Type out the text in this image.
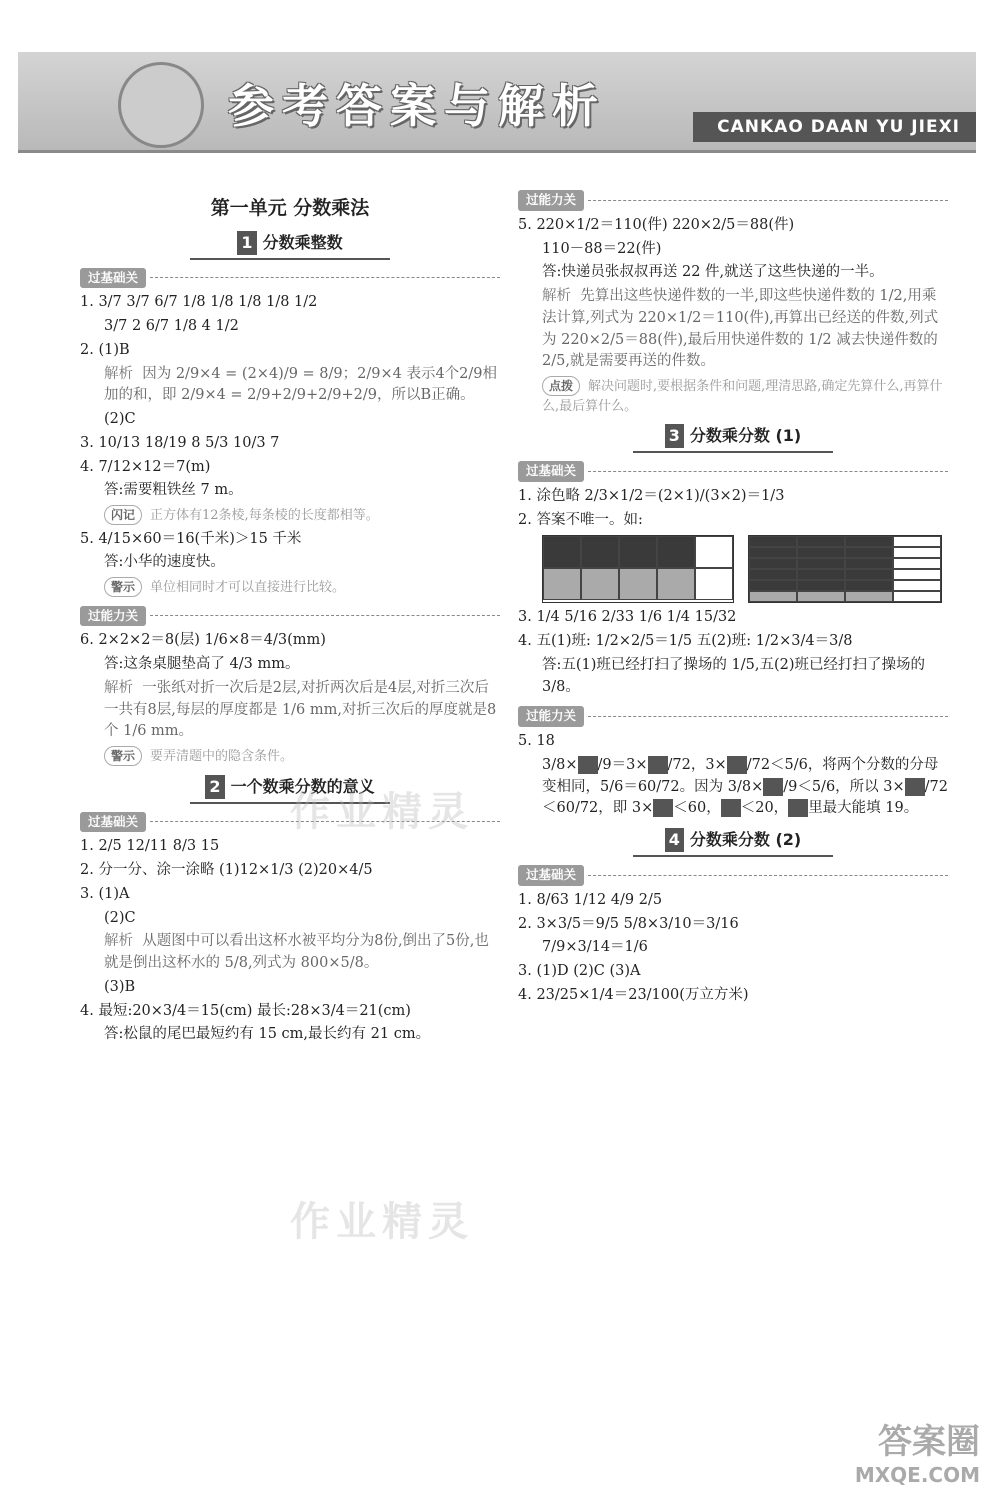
参考答案与解析	CANKAO DAAN YU JIEXI
第一单元 分数乘法
1 分数乘整数
过基础关
1. 3/7 3/7 6/7 1/8 1/8 1/8 1/8 1/2
3/7 2 6/7 1/8 4 1/2
2. (1)B
解析 因为 2/9×4 = (2×4)/9 = 8/9；2/9×4 表示4个2/9相加的和，即 2/9×4 = 2/9+2/9+2/9+2/9，所以B正确。
(2)C
3. 10/13 18/19 8 5/3 10/3 7
4. 7/12×12＝7(m)
答:需要粗铁丝 7 m。
闪记 正方体有12条棱,每条棱的长度都相等。
5. 4/15×60＝16(千米)＞15 千米
答:小华的速度快。
警示 单位相同时才可以直接进行比较。
过能力关
6. 2×2×2＝8(层) 1/6×8＝4/3(mm)
答:这条桌腿垫高了 4/3 mm。
解析 一张纸对折一次后是2层,对折两次后是4层,对折三次后一共有8层,每层的厚度都是 1/6 mm,对折三次后的厚度就是8个 1/6 mm。
警示 要弄清题中的隐含条件。
2 一个数乘分数的意义
过基础关
1. 2/5 12/11 8/3 15
2. 分一分、涂一涂略 (1)12×1/3 (2)20×4/5
3. (1)A
(2)C
解析 从题图中可以看出这杯水被平均分为8份,倒出了5份,也就是倒出这杯水的 5/8,列式为 800×5/8。
(3)B
4. 最短:20×3/4＝15(cm) 最长:28×3/4＝21(cm)
答:松鼠的尾巴最短约有 15 cm,最长约有 21 cm。
过能力关
5. 220×1/2＝110(件) 220×2/5＝88(件)
110－88＝22(件)
答:快递员张叔叔再送 22 件,就送了这些快递的一半。
解析 先算出这些快递件数的一半,即这些快递件数的 1/2,用乘法计算,列式为 220×1/2＝110(件),再算出已经送的件数,列式为 220×2/5＝88(件),最后用快递件数的 1/2 减去快递件数的 2/5,就是需要再送的件数。
点拨 解决问题时,要根据条件和问题,理清思路,确定先算什么,再算什么,最后算什么。
3 分数乘分数 (1)
过基础关
1. 涂色略 2/3×1/2＝(2×1)/(3×2)＝1/3
2. 答案不唯一。如:
3. 1/4 5/16 2/33 1/6 1/4 15/32
4. 五(1)班: 1/2×2/5＝1/5 五(2)班: 1/2×3/4＝3/8
答:五(1)班已经打扫了操场的 1/5,五(2)班已经打扫了操场的 3/8。
过能力关
5. 18
3/8× /9＝3× /72，3× /72＜5/6，将两个分数的分母变相同，5/6＝60/72。因为 3/8× /9＜5/6，所以 3× /72＜60/72，即 3× ＜60， ＜20， 里最大能填 19。
4 分数乘分数 (2)
过基础关
1. 8/63 1/12 4/9 2/5
2. 3×3/5＝9/5 5/8×3/10＝3/16
7/9×3/14＝1/6
3. (1)D (2)C (3)A
4. 23/25×1/4＝23/100(万立方米)
作业精灵
作业精灵
答案圈
MXQE.COM
